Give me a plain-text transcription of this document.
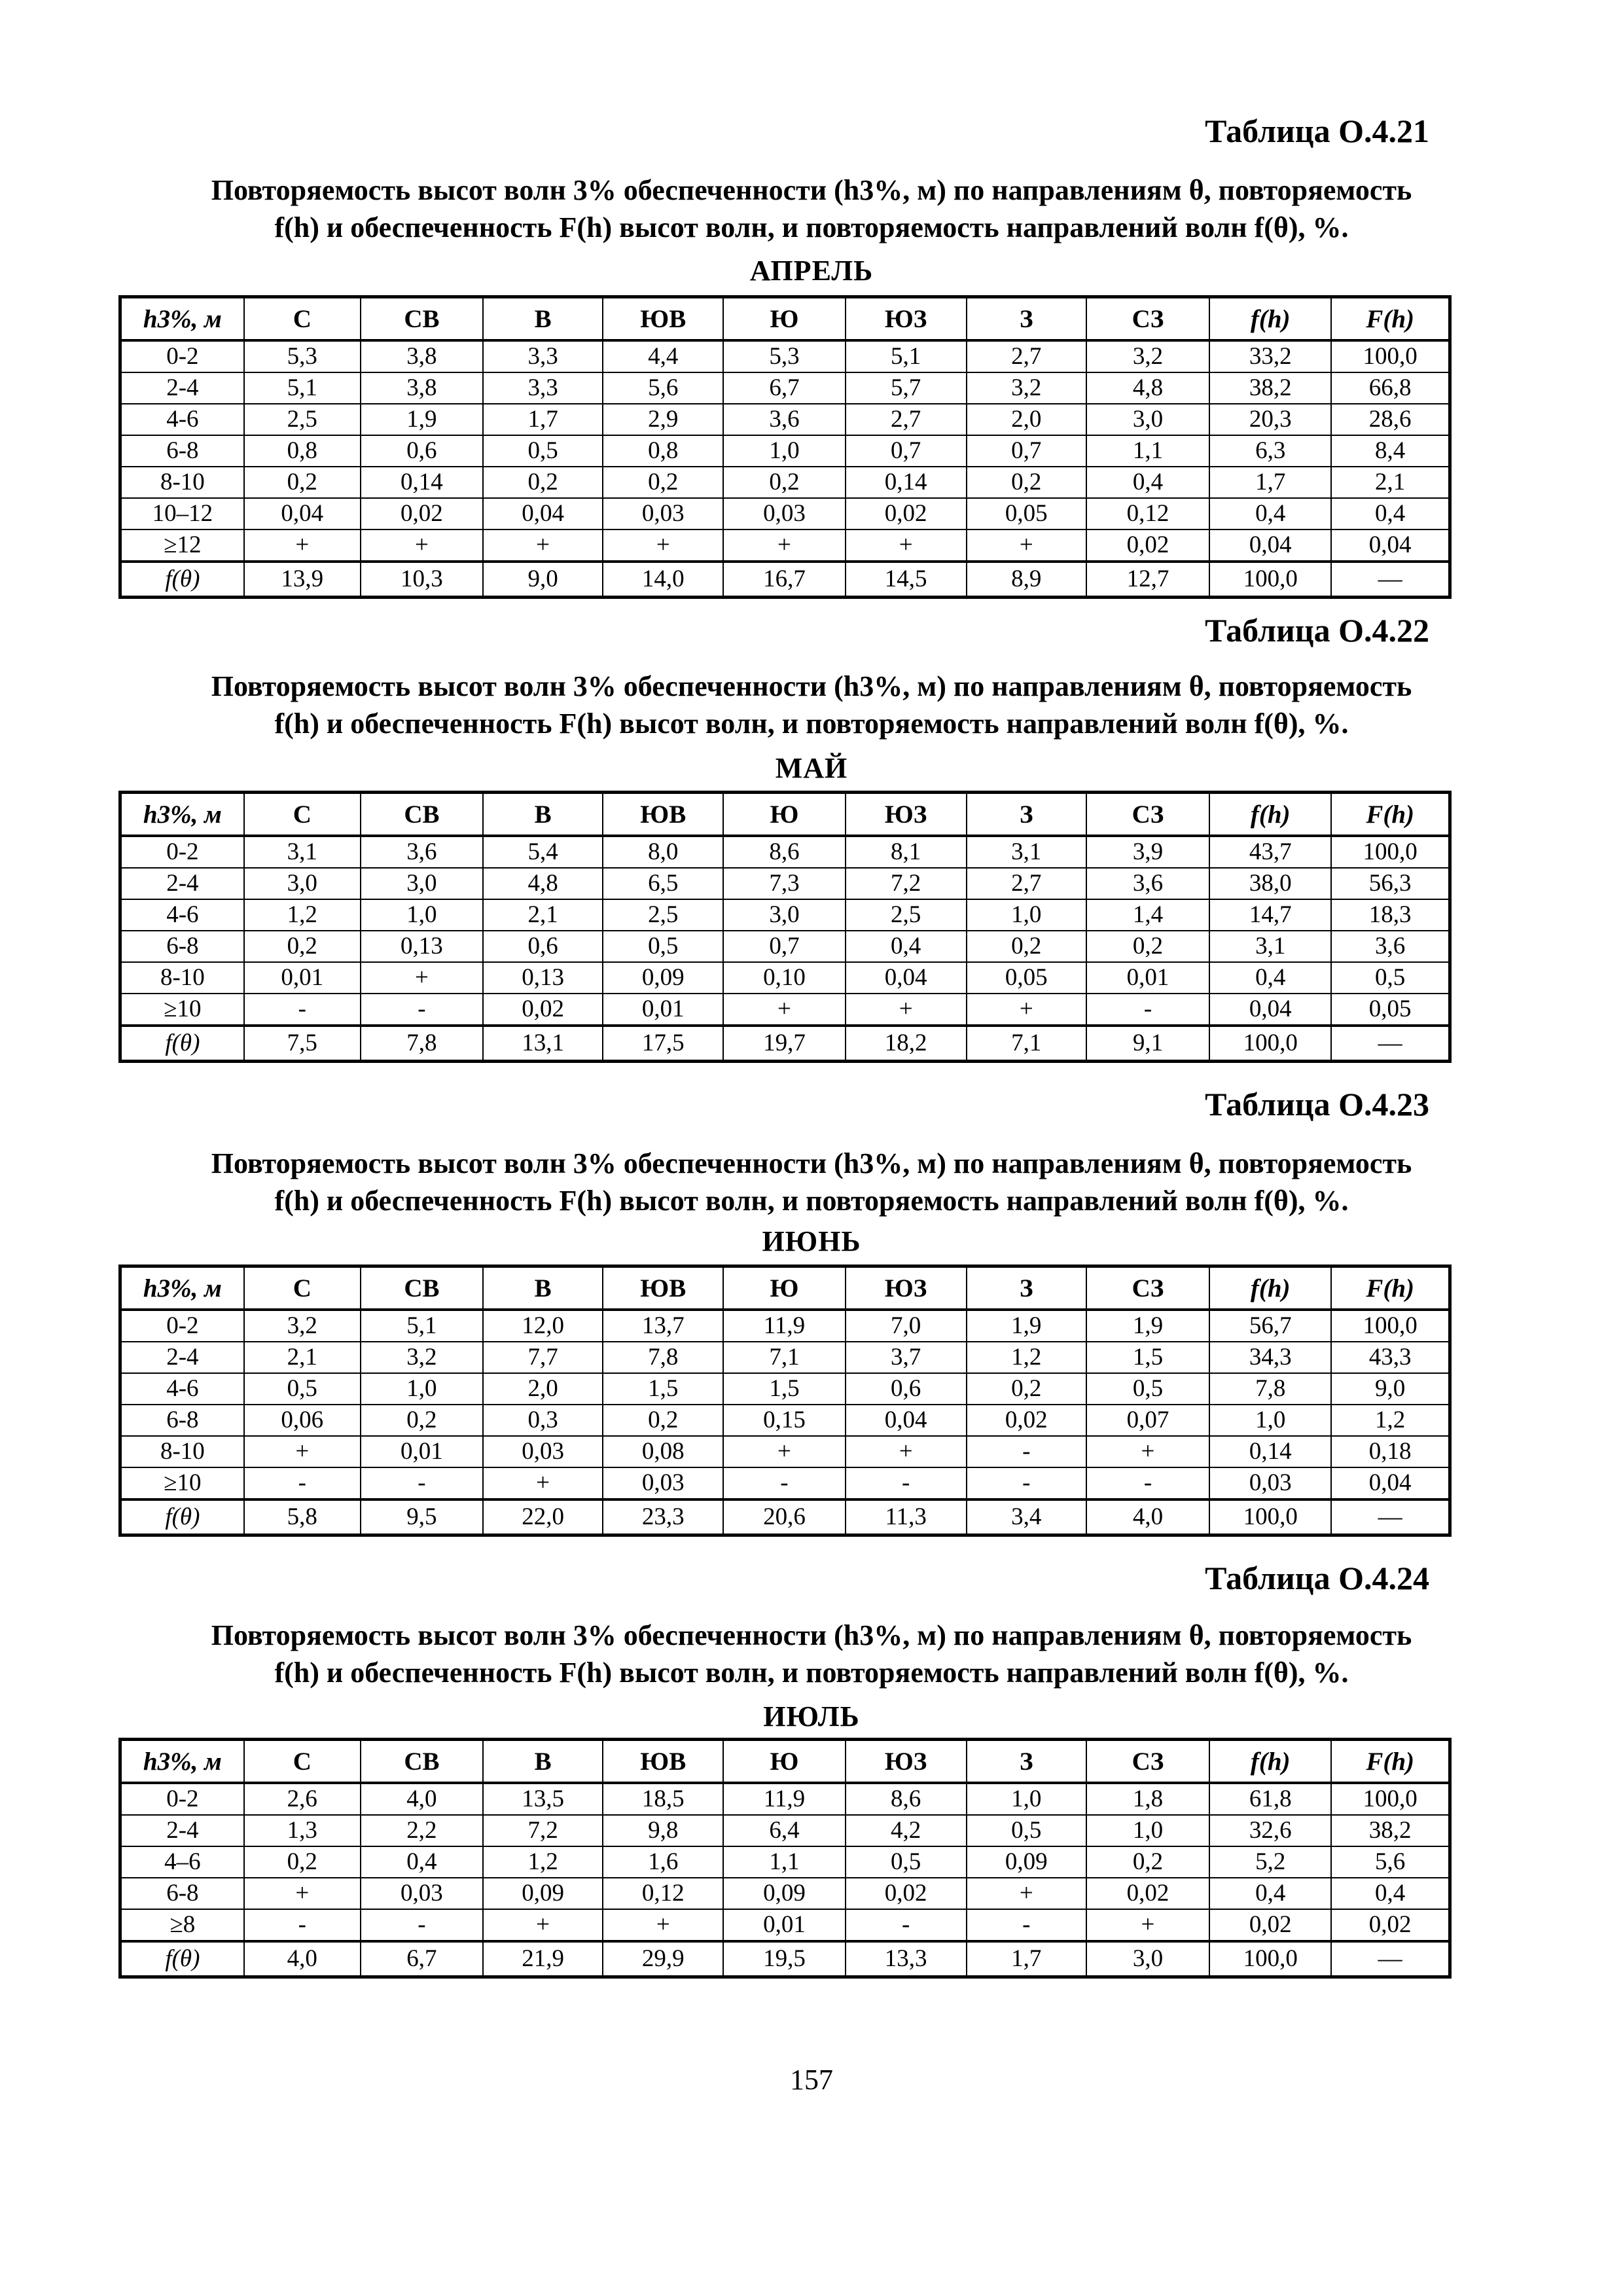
Таблица О.4.21
Повторяемость высот волн 3% обеспеченности (h3%, м) по направлениям θ, повторяемость
f(h) и обеспеченность F(h) высот волн, и повторяемость направлений волн f(θ), %.
АПРЕЛЬ
h3%, м	С	СВ	В	ЮВ	Ю	ЮЗ	З	СЗ	f(h)	F(h)
0-2	5,3	3,8	3,3	4,4	5,3	5,1	2,7	3,2	33,2	100,0
2-4	5,1	3,8	3,3	5,6	6,7	5,7	3,2	4,8	38,2	66,8
4-6	2,5	1,9	1,7	2,9	3,6	2,7	2,0	3,0	20,3	28,6
6-8	0,8	0,6	0,5	0,8	1,0	0,7	0,7	1,1	6,3	8,4
8-10	0,2	0,14	0,2	0,2	0,2	0,14	0,2	0,4	1,7	2,1
10–12	0,04	0,02	0,04	0,03	0,03	0,02	0,05	0,12	0,4	0,4
≥12	+	+	+	+	+	+	+	0,02	0,04	0,04
f(θ)	13,9	10,3	9,0	14,0	16,7	14,5	8,9	12,7	100,0	—
Таблица О.4.22
Повторяемость высот волн 3% обеспеченности (h3%, м) по направлениям θ, повторяемость
f(h) и обеспеченность F(h) высот волн, и повторяемость направлений волн f(θ), %.
МАЙ
h3%, м	С	СВ	В	ЮВ	Ю	ЮЗ	З	СЗ	f(h)	F(h)
0-2	3,1	3,6	5,4	8,0	8,6	8,1	3,1	3,9	43,7	100,0
2-4	3,0	3,0	4,8	6,5	7,3	7,2	2,7	3,6	38,0	56,3
4-6	1,2	1,0	2,1	2,5	3,0	2,5	1,0	1,4	14,7	18,3
6-8	0,2	0,13	0,6	0,5	0,7	0,4	0,2	0,2	3,1	3,6
8-10	0,01	+	0,13	0,09	0,10	0,04	0,05	0,01	0,4	0,5
≥10	-	-	0,02	0,01	+	+	+	-	0,04	0,05
f(θ)	7,5	7,8	13,1	17,5	19,7	18,2	7,1	9,1	100,0	—
Таблица О.4.23
Повторяемость высот волн 3% обеспеченности (h3%, м) по направлениям θ, повторяемость
f(h) и обеспеченность F(h) высот волн, и повторяемость направлений волн f(θ), %.
ИЮНЬ
h3%, м	С	СВ	В	ЮВ	Ю	ЮЗ	З	СЗ	f(h)	F(h)
0-2	3,2	5,1	12,0	13,7	11,9	7,0	1,9	1,9	56,7	100,0
2-4	2,1	3,2	7,7	7,8	7,1	3,7	1,2	1,5	34,3	43,3
4-6	0,5	1,0	2,0	1,5	1,5	0,6	0,2	0,5	7,8	9,0
6-8	0,06	0,2	0,3	0,2	0,15	0,04	0,02	0,07	1,0	1,2
8-10	+	0,01	0,03	0,08	+	+	-	+	0,14	0,18
≥10	-	-	+	0,03	-	-	-	-	0,03	0,04
f(θ)	5,8	9,5	22,0	23,3	20,6	11,3	3,4	4,0	100,0	—
Таблица О.4.24
Повторяемость высот волн 3% обеспеченности (h3%, м) по направлениям θ, повторяемость
f(h) и обеспеченность F(h) высот волн, и повторяемость направлений волн f(θ), %.
ИЮЛЬ
h3%, м	С	СВ	В	ЮВ	Ю	ЮЗ	З	СЗ	f(h)	F(h)
0-2	2,6	4,0	13,5	18,5	11,9	8,6	1,0	1,8	61,8	100,0
2-4	1,3	2,2	7,2	9,8	6,4	4,2	0,5	1,0	32,6	38,2
4–6	0,2	0,4	1,2	1,6	1,1	0,5	0,09	0,2	5,2	5,6
6-8	+	0,03	0,09	0,12	0,09	0,02	+	0,02	0,4	0,4
≥8	-	-	+	+	0,01	-	-	+	0,02	0,02
f(θ)	4,0	6,7	21,9	29,9	19,5	13,3	1,7	3,0	100,0	—
157
